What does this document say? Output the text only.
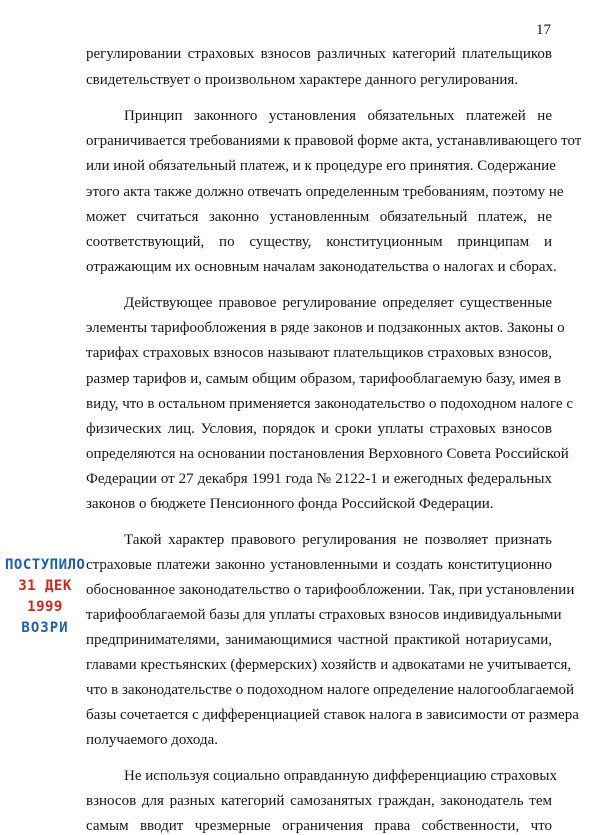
17
регулировании страховых взносов различных категорий плательщиков
свидетельствует о произвольном характере данного регулирования.
Принцип законного установления обязательных платежей не
ограничивается требованиями к правовой форме акта, устанавливающего тот
или иной обязательный платеж, и к процедуре его принятия. Содержание
этого акта также должно отвечать определенным требованиям, поэтому не
может считаться законно установленным обязательный платеж, не
соответствующий, по существу, конституционным принципам и
отражающим их основным началам законодательства о налогах и сборах.
Действующее правовое регулирование определяет существенные
элементы тарифообложения в ряде законов и подзаконных актов. Законы о
тарифах страховых взносов называют плательщиков страховых взносов,
размер тарифов и, самым общим образом, тарифооблагаемую базу, имея в
виду, что в остальном применяется законодательство о подоходном налоге с
физических лиц. Условия, порядок и сроки уплаты страховых взносов
определяются на основании постановления Верховного Совета Российской
Федерации от 27 декабря 1991 года № 2122-1 и ежегодных федеральных
законов о бюджете Пенсионного фонда Российской Федерации.
Такой характер правового регулирования не позволяет признать
страховые платежи законно установленными и создать конституционно
обоснованное законодательство о тарифообложении. Так, при установлении
тарифооблагаемой базы для уплаты страховых взносов индивидуальными
предпринимателями, занимающимися частной практикой нотариусами,
главами крестьянских (фермерских) хозяйств и адвокатами не учитывается,
что в законодательстве о подоходном налоге определение налогооблагаемой
базы сочетается с дифференциацией ставок налога в зависимости от размера
получаемого дохода.
Не используя социально оправданную дифференциацию страховых
взносов для разных категорий самозанятых граждан, законодатель тем
самым вводит чрезмерные ограничения права собственности, что
ПОСТУПИЛО
31 ДЕК 1999
ВОЗРИ
